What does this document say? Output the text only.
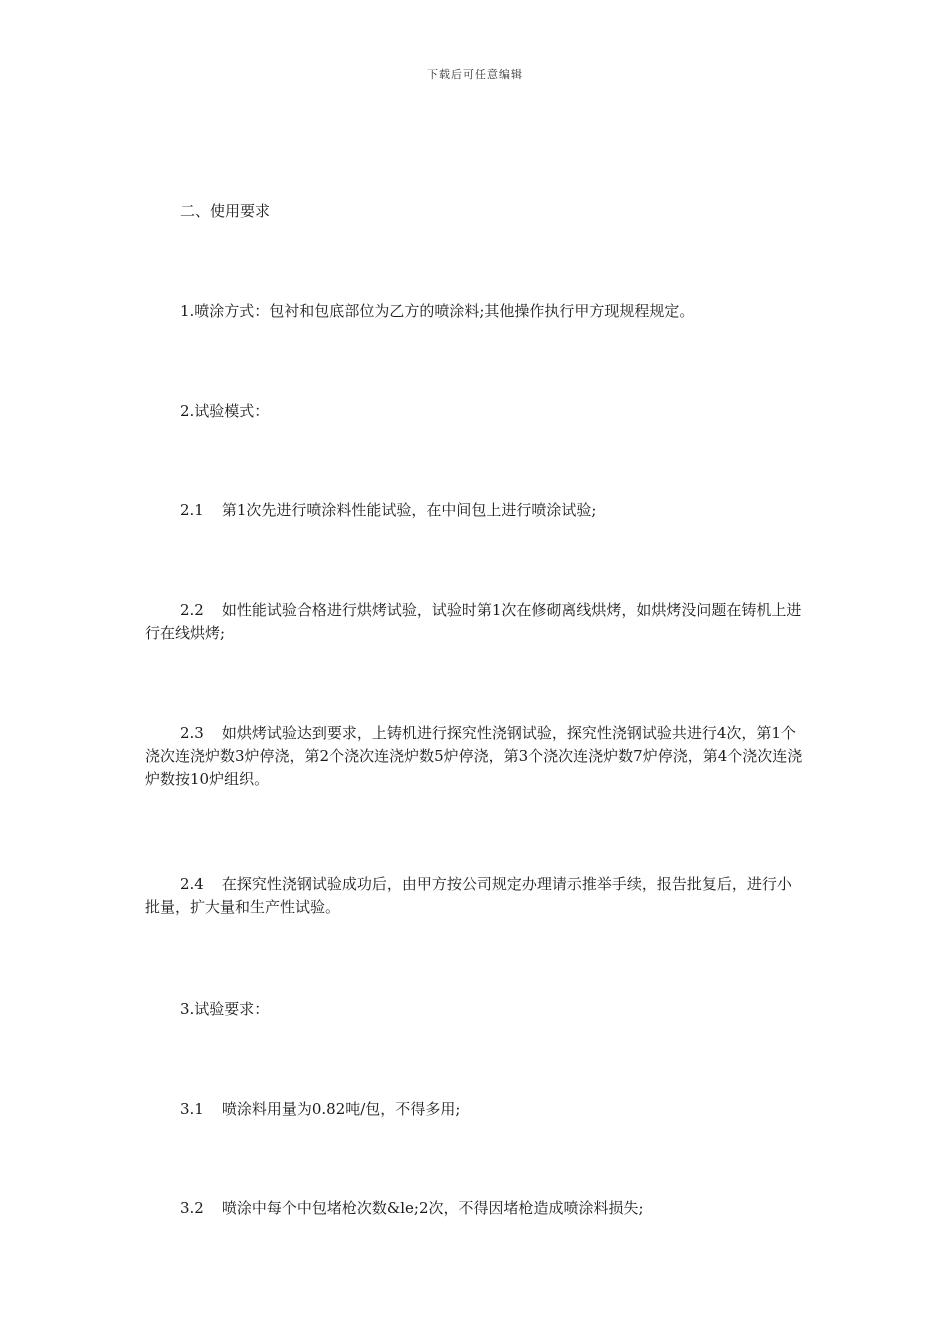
下载后可任意编辑

二、使用要求

1.喷涂方式：包衬和包底部位为乙方的喷涂料;其他操作执行甲方现规程规定。

2.试验模式：

2.1 第1次先进行喷涂料性能试验，在中间包上进行喷涂试验;

2.2 如性能试验合格进行烘烤试验，试验时第1次在修砌离线烘烤，如烘烤没问题在铸机上进行在线烘烤;

2.3 如烘烤试验达到要求，上铸机进行探究性浇钢试验，探究性浇钢试验共进行4次，第1个浇次连浇炉数3炉停浇，第2个浇次连浇炉数5炉停浇，第3个浇次连浇炉数7炉停浇，第4个浇次连浇炉数按10炉组织。

2.4 在探究性浇钢试验成功后，由甲方按公司规定办理请示推举手续，报告批复后，进行小批量，扩大量和生产性试验。

3.试验要求：

3.1 喷涂料用量为0.82吨/包，不得多用;

3.2 喷涂中每个中包堵枪次数&le;2次，不得因堵枪造成喷涂料损失;
